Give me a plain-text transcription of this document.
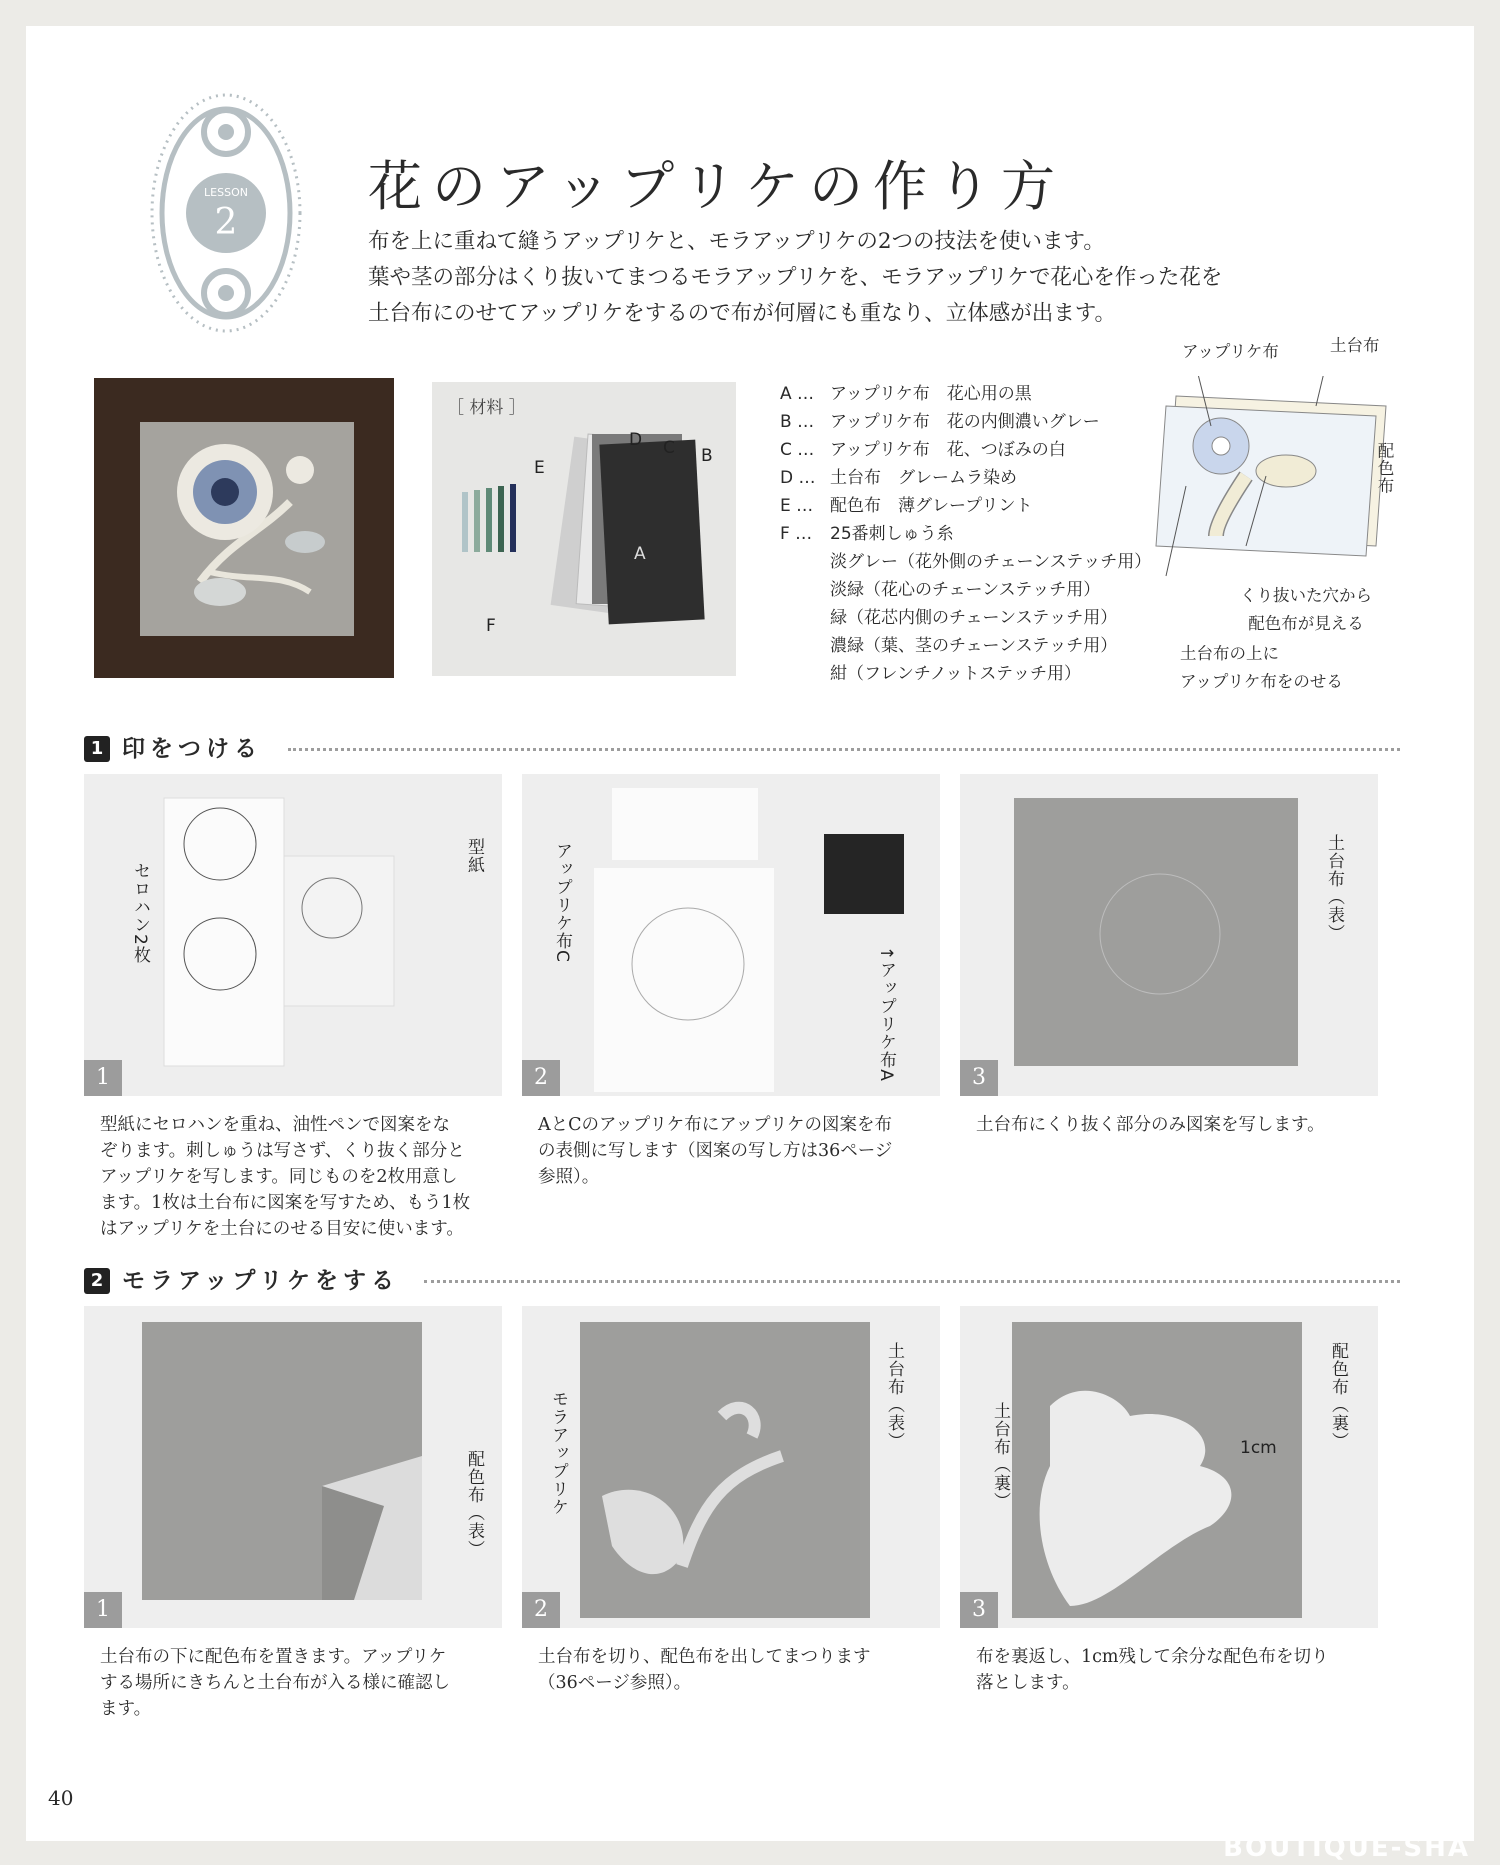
LESSON
2
花のアップリケの作り方
布を上に重ねて縫うアップリケと、モラアップリケの2つの技法を使います。
葉や茎の部分はくり抜いてまつるモラアップリケを、モラアップリケで花心を作った花を
土台布にのせてアップリケをするので布が何層にも重なり、立体感が出ます。
［ 材料 ］
D C B
E
A
F
A … アップリケ布　花心用の黒
B … アップリケ布　花の内側濃いグレー
C … アップリケ布　花、つぼみの白
D … 土台布　グレームラ染め
E … 配色布　薄グレープリント
F … 25番刺しゅう糸
淡グレー（花外側のチェーンステッチ用）
淡緑（花心のチェーンステッチ用）
緑（花芯内側のチェーンステッチ用）
濃緑（葉、茎のチェーンステッチ用）
紺（フレンチノットステッチ用）
アップリケ布	土台布
配色布
くり抜いた穴から
配色布が見える
土台布の上に
アップリケ布をのせる
1 印をつける
1
セロハン2枚
型紙
2
アップリケ布C
↑アップリケ布A	3
土台布（表）
型紙にセロハンを重ね、油性ペンで図案をな
ぞります。刺しゅうは写さず、くり抜く部分と
アップリケを写します。同じものを2枚用意し
ます。1枚は土台布に図案を写すため、もう1枚
はアップリケを土台にのせる目安に使います。
AとCのアップリケ布にアップリケの図案を布
の表側に写します（図案の写し方は36ページ
参照）。
土台布にくり抜く部分のみ図案を写します。
2 モラアップリケをする
1
配色布（表）
2
モラアップリケ	土台布（表）
3
土台布（裏）
配色布（裏）
1cm
土台布の下に配色布を置きます。アップリケ
する場所にきちんと土台布が入る様に確認し
ます。
土台布を切り、配色布を出してまつります
（36ページ参照）。
布を裏返し、1cm残して余分な配色布を切り
落とします。
40
BOUTIQUE-SHA
